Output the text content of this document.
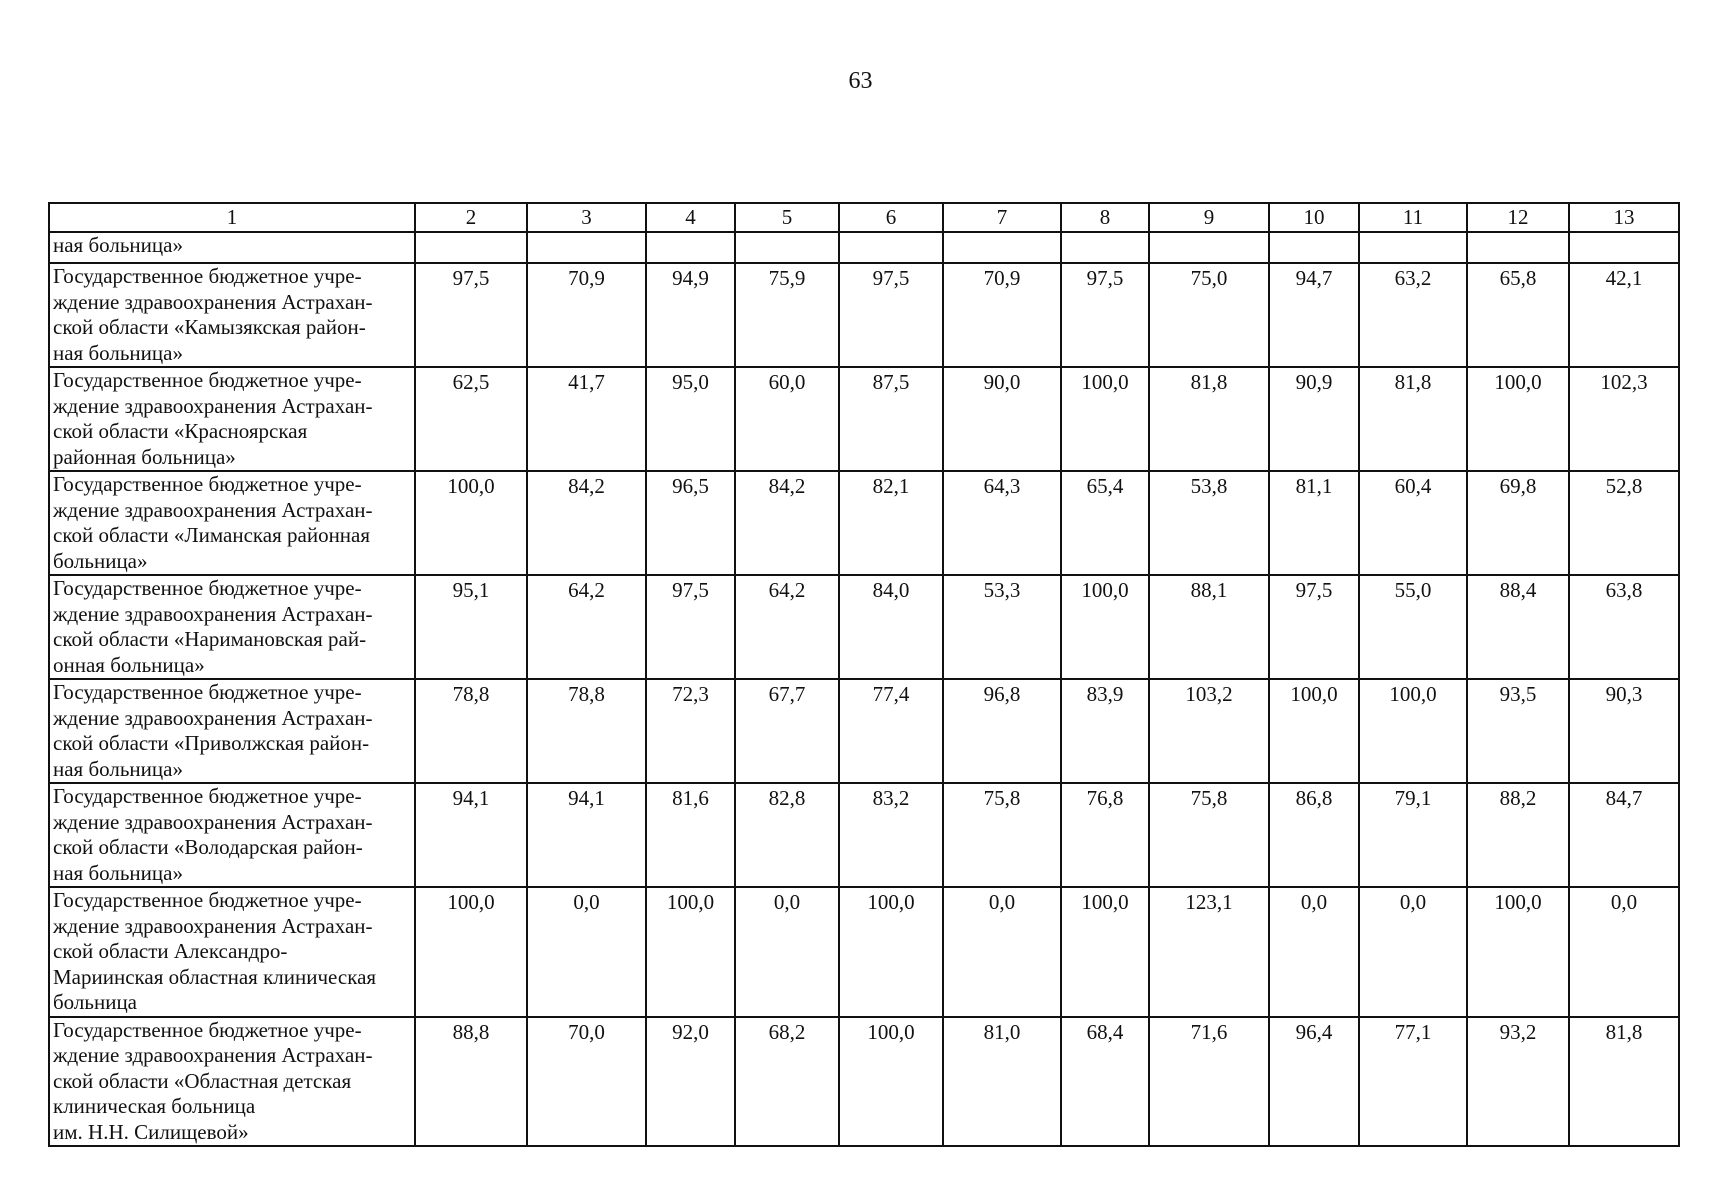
63
1	2	3	4	5	6	7	8	9	10	11	12	13
ная больница»												
Государственное бюджетное учре-
ждение здравоохранения Астрахан-
ской области «Камызякская район-
ная больница»	97,5	70,9	94,9	75,9	97,5	70,9	97,5	75,0	94,7	63,2	65,8	42,1
Государственное бюджетное учре-
ждение здравоохранения Астрахан-
ской области «Красноярская
районная больница»	62,5	41,7	95,0	60,0	87,5	90,0	100,0	81,8	90,9	81,8	100,0	102,3
Государственное бюджетное учре-
ждение здравоохранения Астрахан-
ской области «Лиманская районная
больница»	100,0	84,2	96,5	84,2	82,1	64,3	65,4	53,8	81,1	60,4	69,8	52,8
Государственное бюджетное учре-
ждение здравоохранения Астрахан-
ской области «Наримановская рай-
онная больница»	95,1	64,2	97,5	64,2	84,0	53,3	100,0	88,1	97,5	55,0	88,4	63,8
Государственное бюджетное учре-
ждение здравоохранения Астрахан-
ской области «Приволжская район-
ная больница»	78,8	78,8	72,3	67,7	77,4	96,8	83,9	103,2	100,0	100,0	93,5	90,3
Государственное бюджетное учре-
ждение здравоохранения Астрахан-
ской области «Володарская район-
ная больница»	94,1	94,1	81,6	82,8	83,2	75,8	76,8	75,8	86,8	79,1	88,2	84,7
Государственное бюджетное учре-
ждение здравоохранения Астрахан-
ской области Александро-
Мариинская областная клиническая
больница	100,0	0,0	100,0	0,0	100,0	0,0	100,0	123,1	0,0	0,0	100,0	0,0
Государственное бюджетное учре-
ждение здравоохранения Астрахан-
ской области «Областная детская
клиническая больница
им. Н.Н. Силищевой»	88,8	70,0	92,0	68,2	100,0	81,0	68,4	71,6	96,4	77,1	93,2	81,8
